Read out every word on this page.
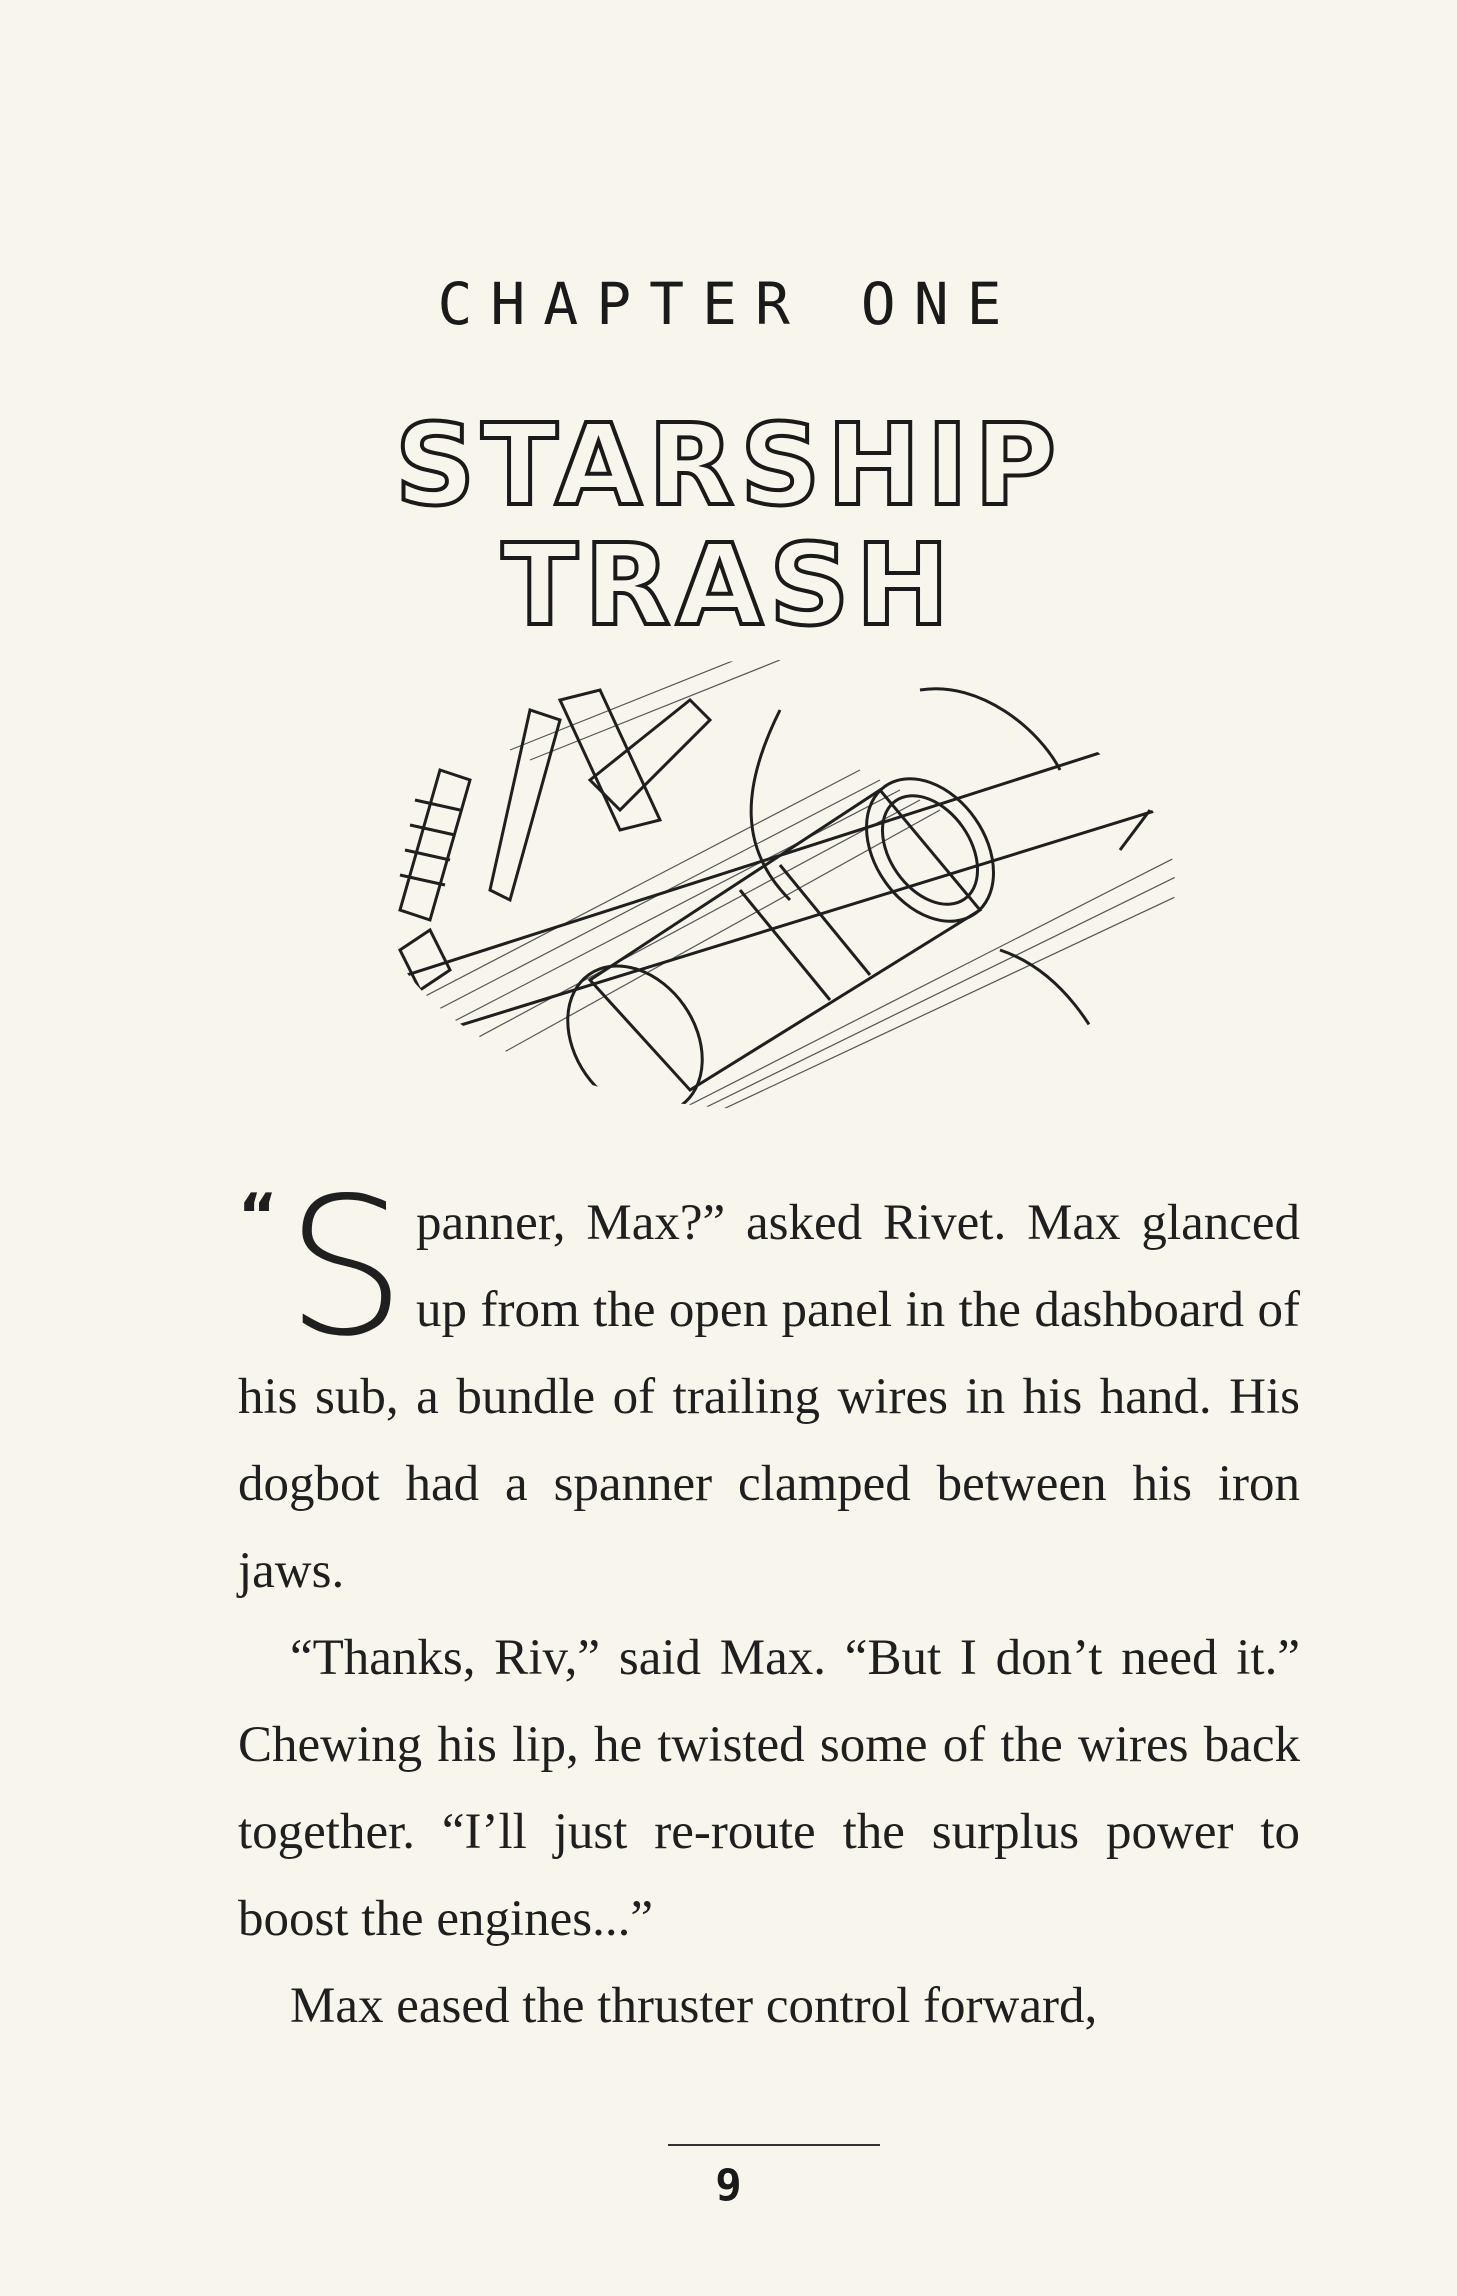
CHAPTER ONE
STARSHIP
TRASH

“ S panner, Max?” asked Rivet. Max glanced up from the open panel in the dashboard of his sub, a bundle of trailing wires in his hand. His dogbot had a spanner clamped between his iron jaws.

“Thanks, Riv,” said Max. “But I don’t need it.” Chewing his lip, he twisted some of the wires back together. “I’ll just re-route the surplus power to boost the engines...”

Max eased the thruster control forward,

9
